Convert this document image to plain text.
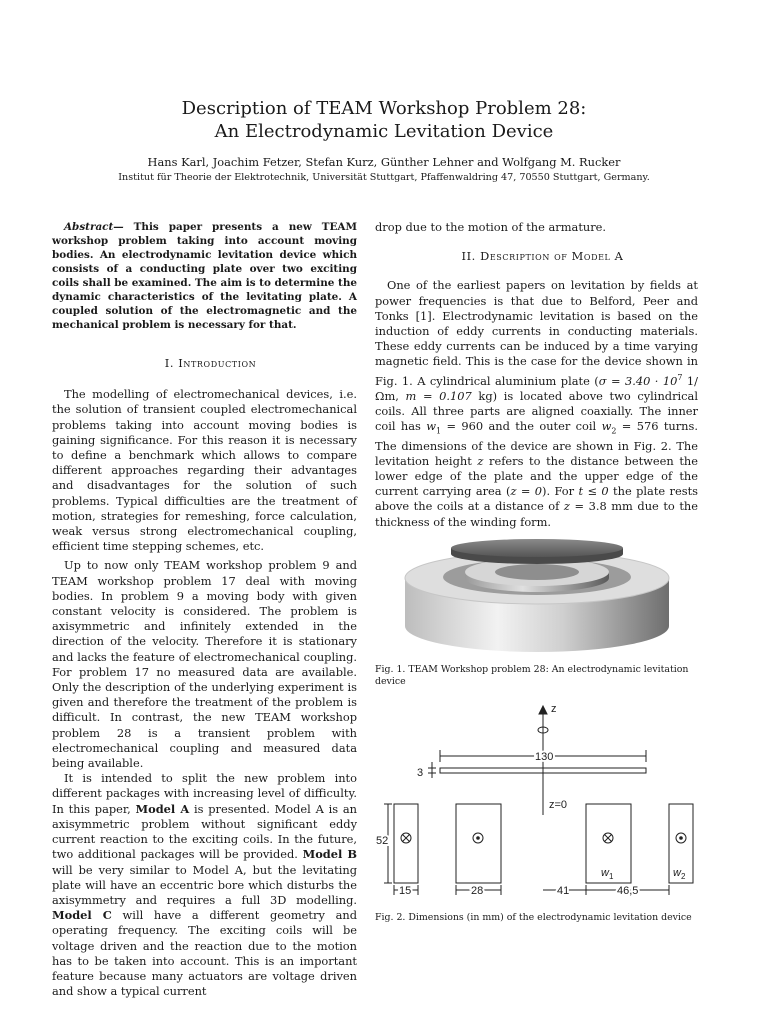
Description of TEAM Workshop Problem 28:
An Electrodynamic Levitation Device
Hans Karl, Joachim Fetzer, Stefan Kurz, Günther Lehner and Wolfgang M. Rucker
Institut für Theorie der Elektrotechnik, Universität Stuttgart, Pfaffenwaldring 47, 70550 Stuttgart, Germany.

Abstract— This paper presents a new TEAM workshop problem taking into account moving bodies. An electrodynamic levitation device which consists of a conducting plate over two exciting coils shall be examined. The aim is to determine the dynamic characteristics of the levitating plate. A coupled solution of the electromagnetic and the mechanical problem is necessary for that.

I. Introduction

The modelling of electromechanical devices, i.e. the solution of transient coupled electromechanical problems taking into account moving bodies is gaining significance. For this reason it is necessary to define a benchmark which allows to compare different approaches regarding their advantages and disadvantages for the solution of such problems. Typical difficulties are the treatment of motion, strategies for remeshing, force calculation, weak versus strong electromechanical coupling, efficient time stepping schemes, etc.

Up to now only TEAM workshop problem 9 and TEAM workshop problem 17 deal with moving bodies. In problem 9 a moving body with given constant velocity is considered. The problem is axisymmetric and infinitely extended in the direction of the velocity. Therefore it is stationary and lacks the feature of electromechanical coupling. For problem 17 no measured data are available. Only the description of the underlying experiment is given and therefore the treatment of the problem is difficult. In contrast, the new TEAM workshop problem 28 is a transient problem with electromechanical coupling and measured data being available.

It is intended to split the new problem into different packages with increasing level of difficulty. In this paper, Model A is presented. Model A is an axisymmetric problem without significant eddy current reaction to the exciting coils. In the future, two additional packages will be provided. Model B will be very similar to Model A, but the levitating plate will have an eccentric bore which disturbs the axisymmetry and requires a full 3D modelling. Model C will have a different geometry and operating frequency. The exciting coils will be voltage driven and the reaction due to the motion has to be taken into account. This is an important feature because many actuators are voltage driven and show a typical current

drop due to the motion of the armature.

II. Description of Model A

One of the earliest papers on levitation by fields at power frequencies is that due to Belford, Peer and Tonks [1]. Electrodynamic levitation is based on the induction of eddy currents in conducting materials. These eddy currents can be induced by a time varying magnetic field. This is the case for the device shown in Fig. 1. A cylindrical aluminium plate ($\sigma = 3.40 \cdot 10^7$ 1/Ωm, m = 0.107 kg) is located above two cylindrical coils. All three parts are aligned coaxially. The inner coil has $w_1 = 960$ and the outer coil $w_2 = 576$ turns. The dimensions of the device are shown in Fig. 2. The levitation height z refers to the distance between the lower edge of the plate and the upper edge of the current carrying area (z = 0). For t ≤ 0 the plate rests above the coils at a distance of z = 3.8 mm due to the thickness of the winding form.

Fig. 1. TEAM Workshop problem 28: An electrodynamic levitation device
z
130
3
z=0
52
15	28	41	46,5
$w_1$	$w_2$
Fig. 2. Dimensions (in mm) of the electrodynamic levitation device
